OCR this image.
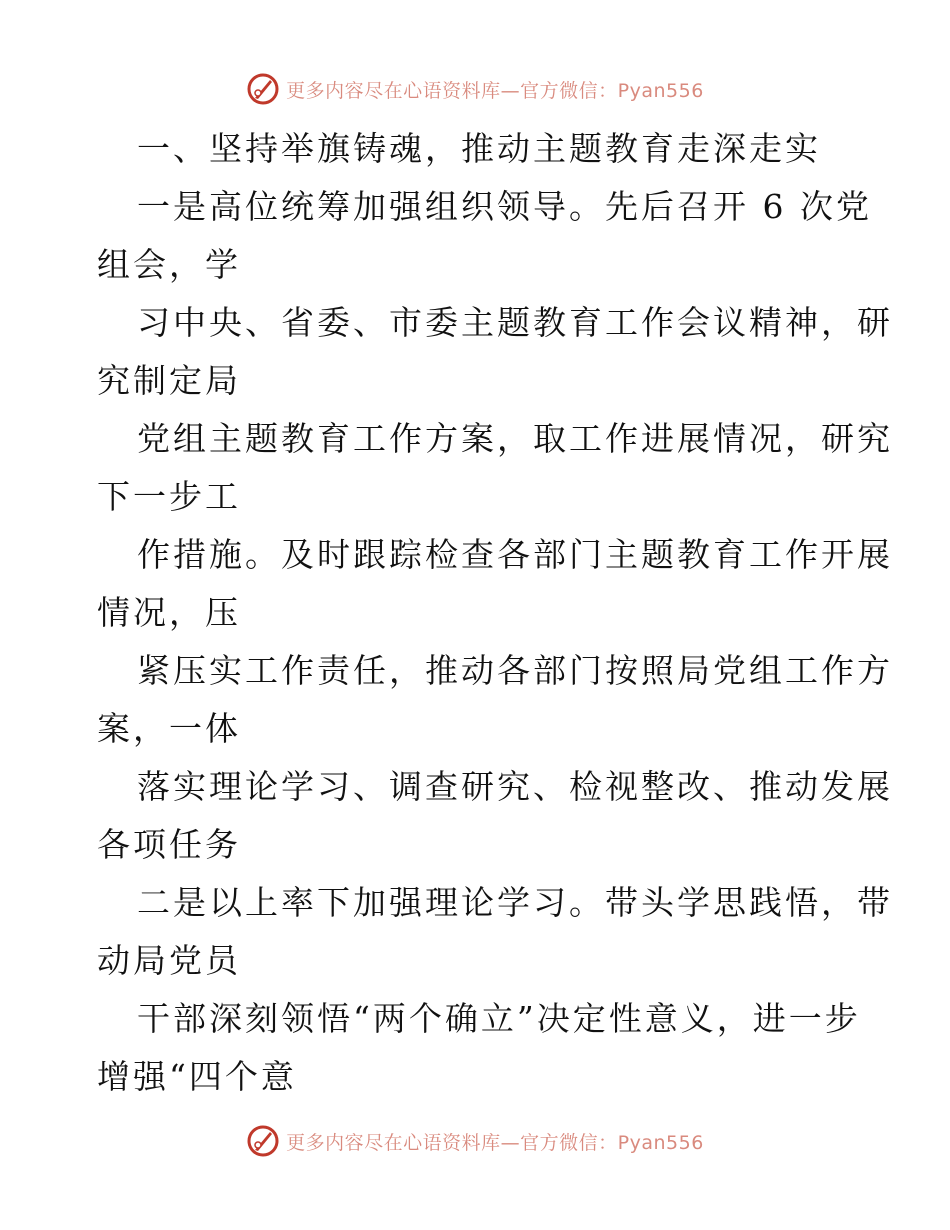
更多内容尽在心语资料库—官方微信：Pyan556
一、坚持举旗铸魂，推动主题教育走深走实
一是高位统筹加强组织领导。先后召开 6 次党
组会，学
习中央、省委、市委主题教育工作会议精神，研
究制定局
党组主题教育工作方案，取工作进展情况，研究
下一步工
作措施。及时跟踪检查各部门主题教育工作开展
情况，压
紧压实工作责任，推动各部门按照局党组工作方
案，一体
落实理论学习、调查研究、检视整改、推动发展
各项任务
二是以上率下加强理论学习。带头学思践悟，带
动局党员
干部深刻领悟“两个确立”决定性意义，进一步
增强“四个意
更多内容尽在心语资料库—官方微信：Pyan556
